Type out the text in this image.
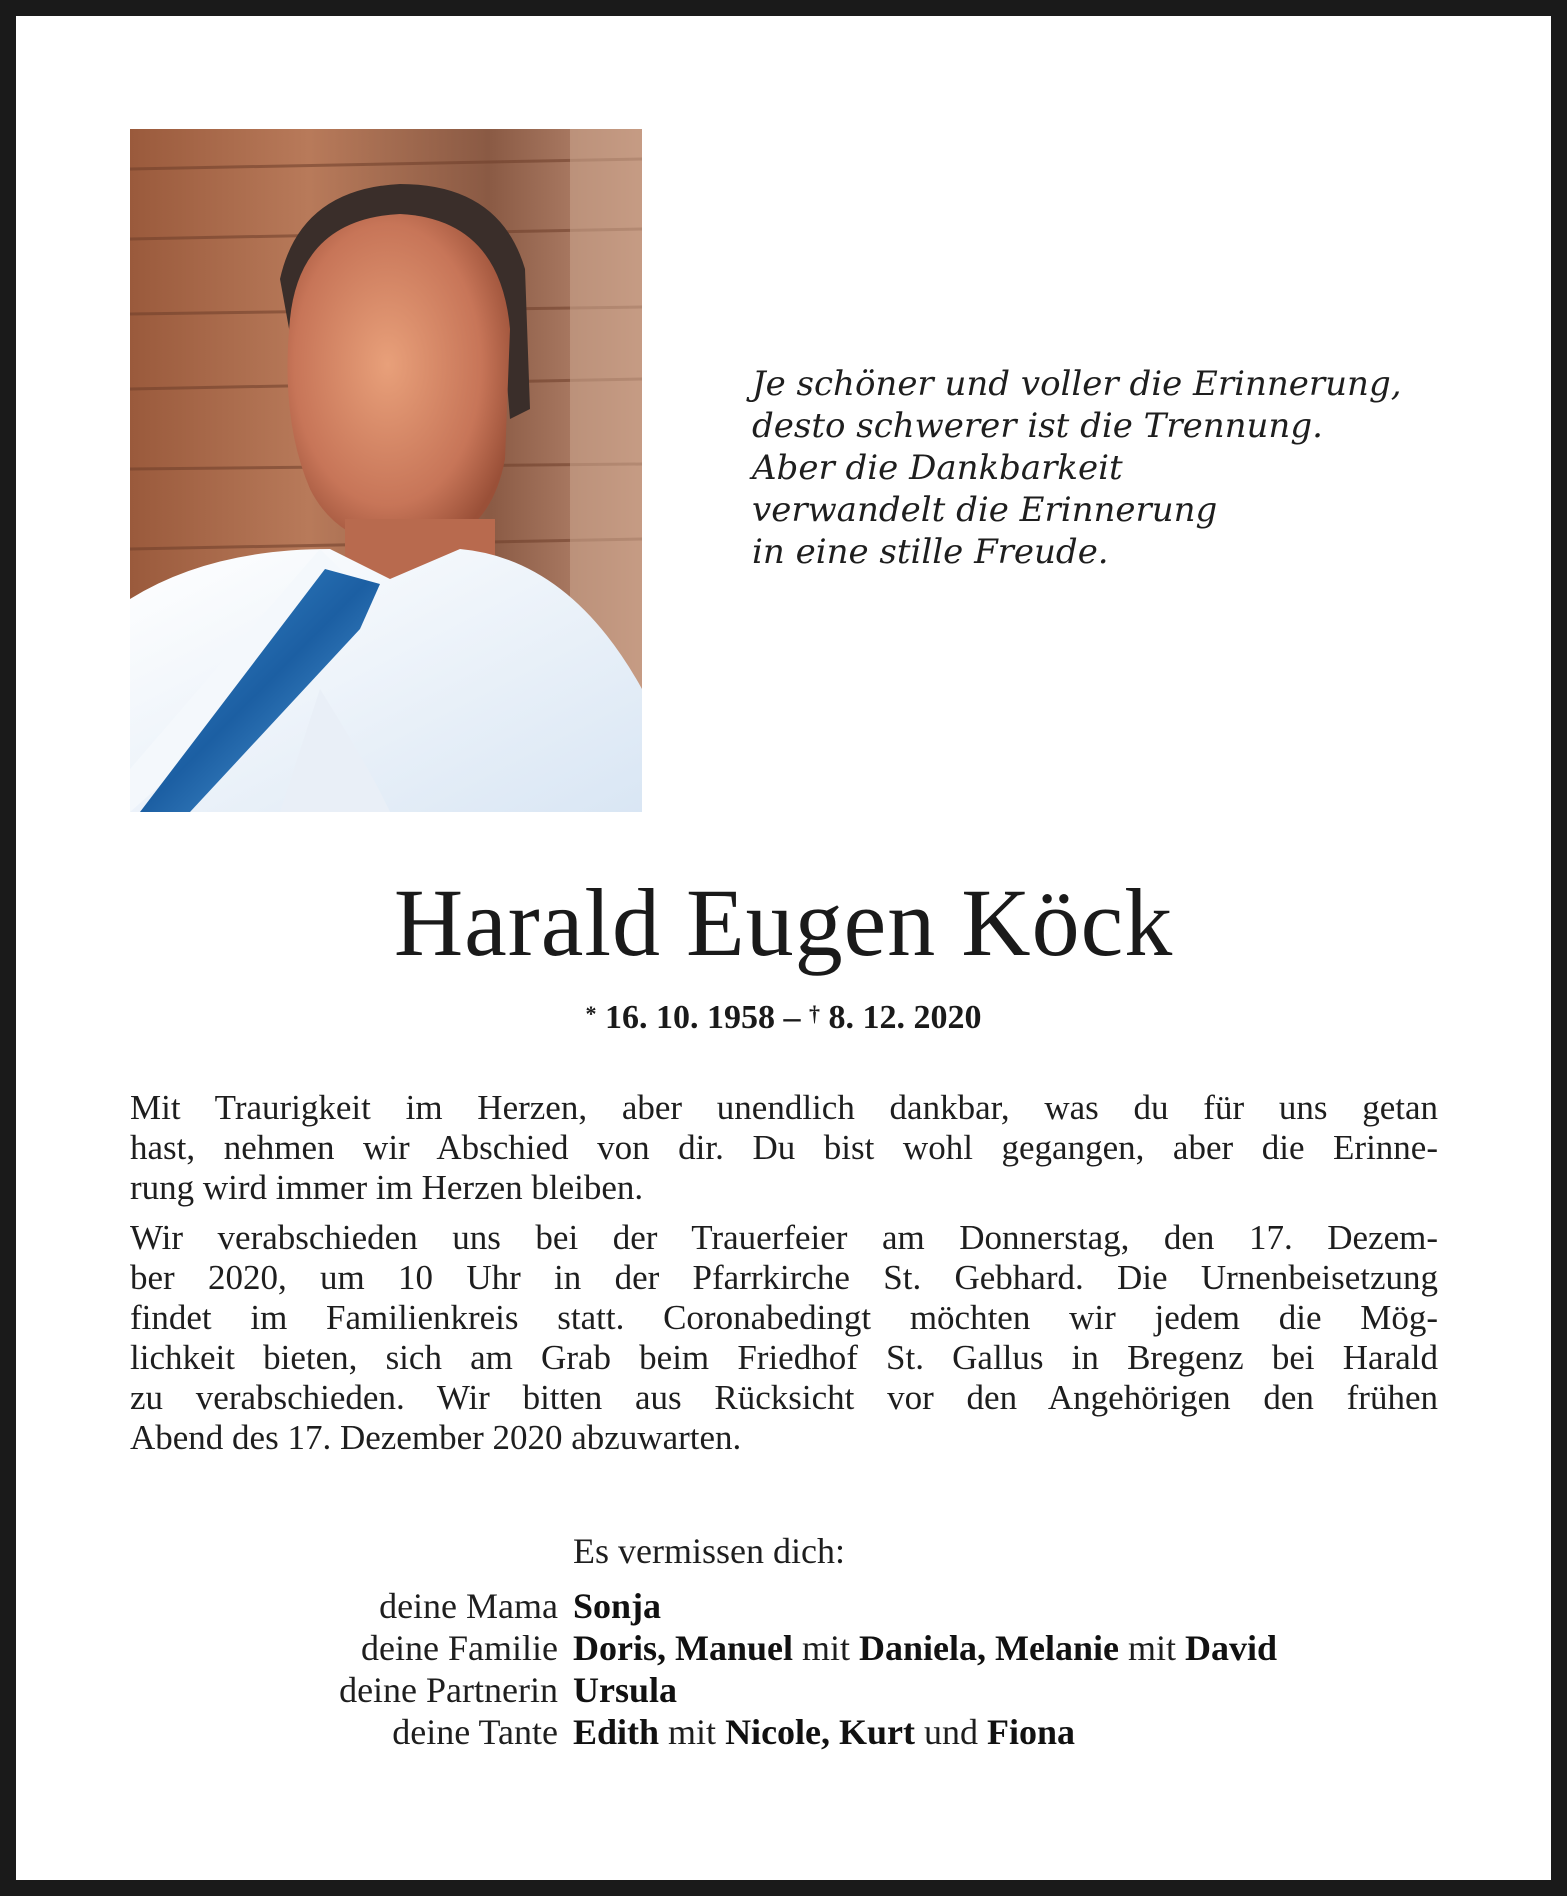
Je schöner und voller die Erinnerung,
desto schwerer ist die Trennung.
Aber die Dankbarkeit
verwandelt die Erinnerung
in eine stille Freude.
Harald Eugen Köck
* 16. 10. 1958 – † 8. 12. 2020
Mit Traurigkeit im Herzen, aber unendlich dankbar, was du für uns getan
hast, nehmen wir Abschied von dir. Du bist wohl gegangen, aber die Erinne-
rung wird immer im Herzen bleiben.
Wir verabschieden uns bei der Trauerfeier am Donnerstag, den 17. Dezem-
ber 2020, um 10 Uhr in der Pfarrkirche St. Gebhard. Die Urnenbeisetzung
findet im Familienkreis statt. Coronabedingt möchten wir jedem die Mög-
lichkeit bieten, sich am Grab beim Friedhof St. Gallus in Bregenz bei Harald
zu verabschieden. Wir bitten aus Rücksicht vor den Angehörigen den frühen
Abend des 17. Dezember 2020 abzuwarten.
Es vermissen dich:
deine Mama Sonja
deine Familie Doris, Manuel mit Daniela, Melanie mit David
deine Partnerin Ursula
deine Tante Edith mit Nicole, Kurt und Fiona
